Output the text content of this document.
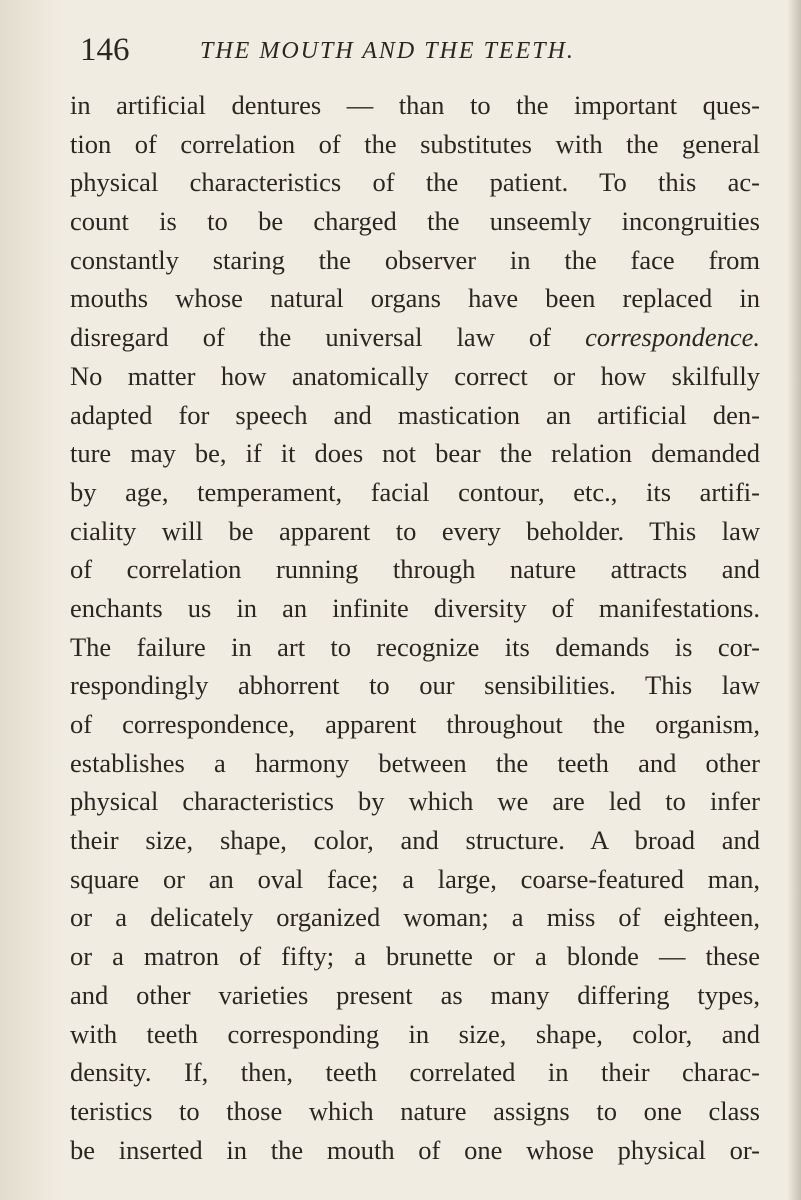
146	THE MOUTH AND THE TEETH.
in artificial dentures — than to the important ques-
tion of correlation of the substitutes with the general
physical characteristics of the patient. To this ac-
count is to be charged the unseemly incongruities
constantly staring the observer in the face from
mouths whose natural organs have been replaced in
disregard of the universal law of correspondence.
No matter how anatomically correct or how skilfully
adapted for speech and mastication an artificial den-
ture may be, if it does not bear the relation demanded
by age, temperament, facial contour, etc., its artifi-
ciality will be apparent to every beholder. This law
of correlation running through nature attracts and
enchants us in an infinite diversity of manifestations.
The failure in art to recognize its demands is cor-
respondingly abhorrent to our sensibilities. This law
of correspondence, apparent throughout the organism,
establishes a harmony between the teeth and other
physical characteristics by which we are led to infer
their size, shape, color, and structure. A broad and
square or an oval face; a large, coarse-featured man,
or a delicately organized woman; a miss of eighteen,
or a matron of fifty; a brunette or a blonde — these
and other varieties present as many differing types,
with teeth corresponding in size, shape, color, and
density. If, then, teeth correlated in their charac-
teristics to those which nature assigns to one class
be inserted in the mouth of one whose physical or-
